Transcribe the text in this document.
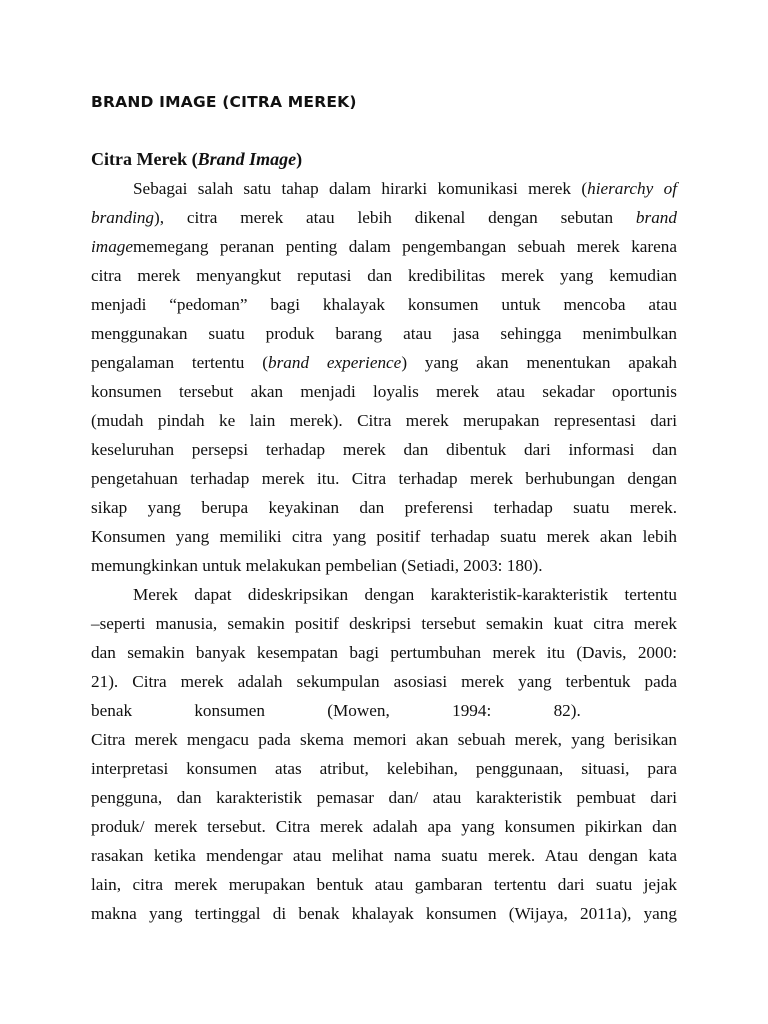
BRAND IMAGE (CITRA MEREK)
Citra Merek (Brand Image)
Sebagai salah satu tahap dalam hirarki komunikasi merek (hierarchy of
branding), citra merek atau lebih dikenal dengan sebutan brand
imagememegang peranan penting dalam pengembangan sebuah merek karena
citra merek menyangkut reputasi dan kredibilitas merek yang kemudian
menjadi “pedoman” bagi khalayak konsumen untuk mencoba atau
menggunakan suatu produk barang atau jasa sehingga menimbulkan
pengalaman tertentu (brand experience) yang akan menentukan apakah
konsumen tersebut akan menjadi loyalis merek atau sekadar oportunis
(mudah pindah ke lain merek). Citra merek merupakan representasi dari
keseluruhan persepsi terhadap merek dan dibentuk dari informasi dan
pengetahuan terhadap merek itu. Citra terhadap merek berhubungan dengan
sikap yang berupa keyakinan dan preferensi terhadap suatu merek.
Konsumen yang memiliki citra yang positif terhadap suatu merek akan lebih
memungkinkan untuk melakukan pembelian (Setiadi, 2003: 180).
Merek dapat dideskripsikan dengan karakteristik-karakteristik tertentu
–seperti manusia, semakin positif deskripsi tersebut semakin kuat citra merek
dan semakin banyak kesempatan bagi pertumbuhan merek itu (Davis, 2000:
21). Citra merek adalah sekumpulan asosiasi merek yang terbentuk pada
benak konsumen (Mowen, 1994: 82).
Citra merek mengacu pada skema memori akan sebuah merek, yang berisikan
interpretasi konsumen atas atribut, kelebihan, penggunaan, situasi, para
pengguna, dan karakteristik pemasar dan/ atau karakteristik pembuat dari
produk/ merek tersebut. Citra merek adalah apa yang konsumen pikirkan dan
rasakan ketika mendengar atau melihat nama suatu merek. Atau dengan kata
lain, citra merek merupakan bentuk atau gambaran tertentu dari suatu jejak
makna yang tertinggal di benak khalayak konsumen (Wijaya, 2011a), yang
